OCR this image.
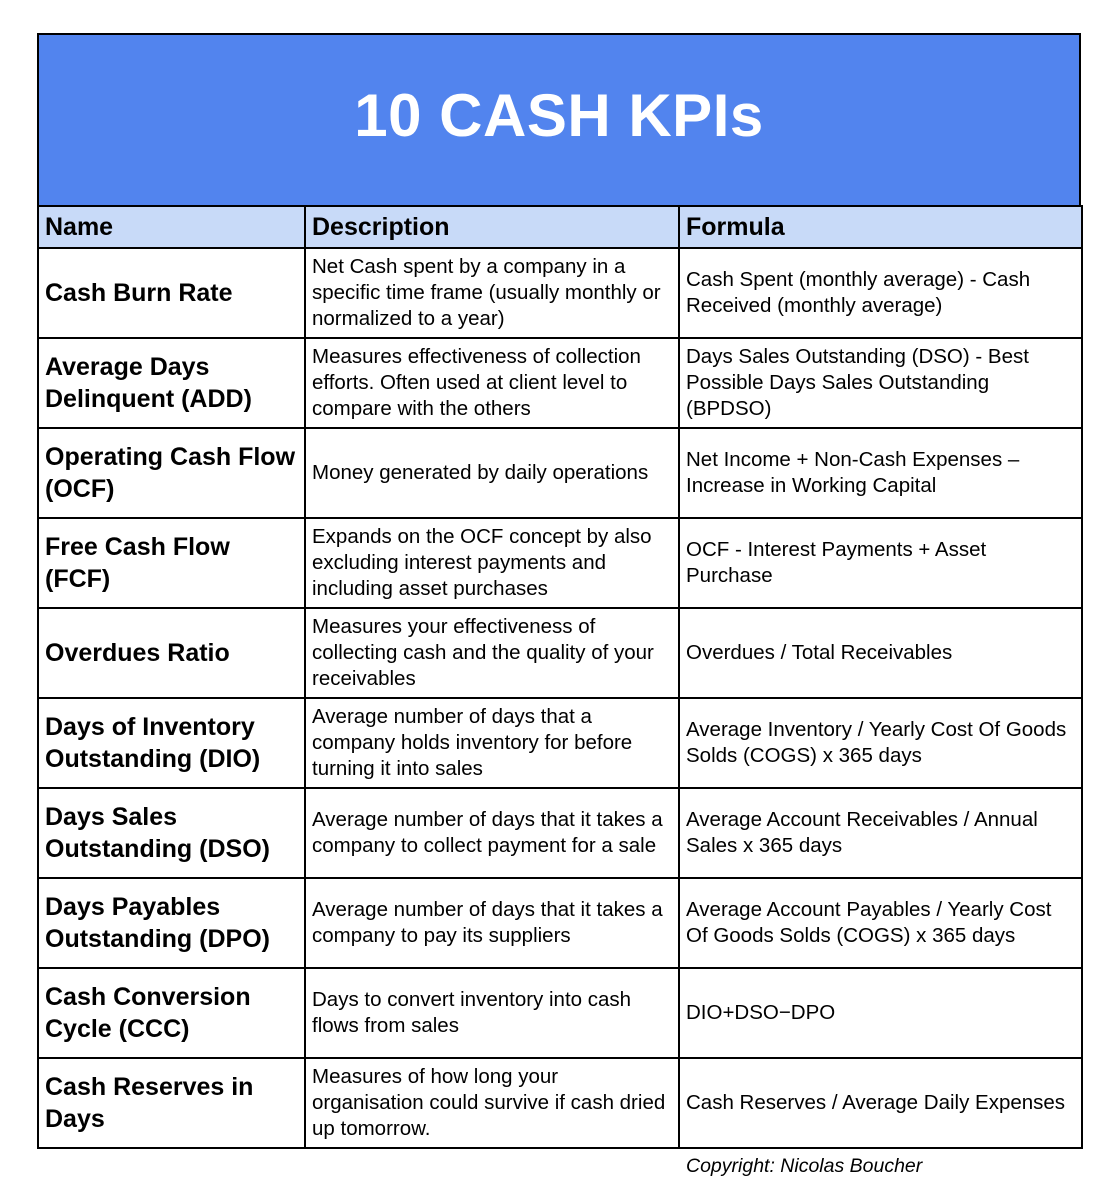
10 CASH KPIs
Name	Description	Formula
Cash Burn Rate	Net Cash spent by a company in a specific time frame (usually monthly or normalized to a year)	Cash Spent (monthly average) - Cash Received (monthly average)
Average Days Delinquent (ADD)	Measures effectiveness of collection efforts. Often used at client level to compare with the others	Days Sales Outstanding (DSO) - Best Possible Days Sales Outstanding (BPDSO)
Operating Cash Flow (OCF)	Money generated by daily operations	Net Income + Non-Cash Expenses – Increase in Working Capital
Free Cash Flow (FCF)	Expands on the OCF concept by also excluding interest payments and including asset purchases	OCF - Interest Payments + Asset Purchase
Overdues Ratio	Measures your effectiveness of collecting cash and the quality of your receivables	Overdues / Total Receivables
Days of Inventory Outstanding (DIO)	Average number of days that a company holds inventory for before turning it into sales	Average Inventory / Yearly Cost Of Goods Solds (COGS) x 365 days
Days Sales Outstanding (DSO)	Average number of days that it takes a company to collect payment for a sale	Average Account Receivables / Annual Sales x 365 days
Days Payables Outstanding (DPO)	Average number of days that it takes a company to pay its suppliers	Average Account Payables / Yearly Cost Of Goods Solds (COGS) x 365 days
Cash Conversion Cycle (CCC)	Days to convert inventory into cash flows from sales	DIO+DSO−DPO
Cash Reserves in Days	Measures of how long your organisation could survive if cash dried up tomorrow.	Cash Reserves / Average Daily Expenses
Copyright: Nicolas Boucher
